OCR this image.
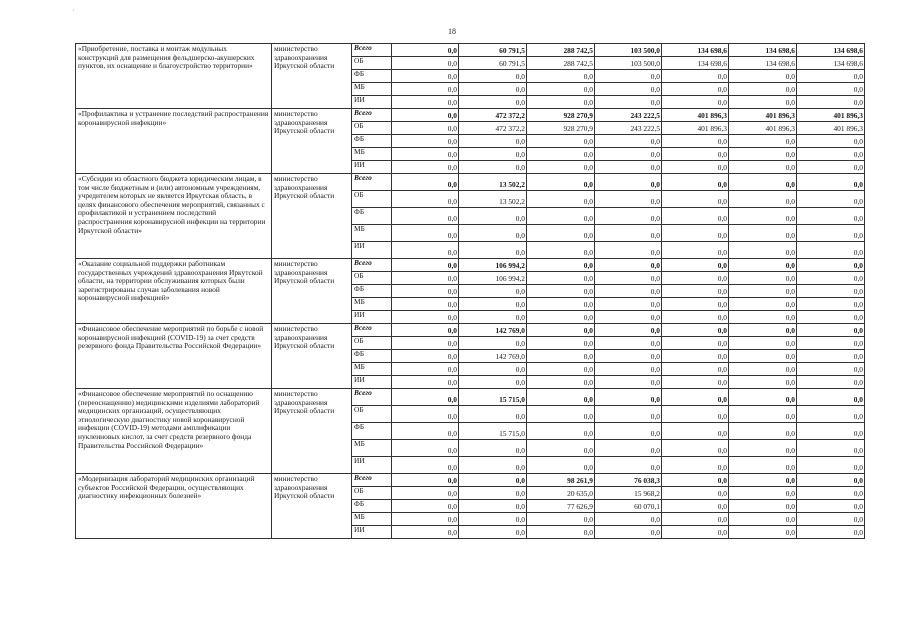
18
«Приобретение, поставка и монтаж модульных конструкций для размещения фельдшерско-акушерских пунктов, их оснащение и благоустройство территории»	министерство здравоохранения Иркутской области	Всего	0,0	60 791,5	288 742,5	103 500,0	134 698,6	134 698,6	134 698,6
		ОБ	0,0	60 791,5	288 742,5	103 500,0	134 698,6	134 698,6	134 698,6
		ФБ	0,0	0,0	0,0	0,0	0,0	0,0	0,0
		МБ	0,0	0,0	0,0	0,0	0,0	0,0	0,0
		ИИ	0,0	0,0	0,0	0,0	0,0	0,0	0,0
«Профилактика и устранение последствий распространения коронавирусной инфекции»	министерство здравоохранения Иркутской области	Всего	0,0	472 372,2	928 270,9	243 222,5	401 896,3	401 896,3	401 896,3
		ОБ	0,0	472 372,2	928 270,9	243 222,5	401 896,3	401 896,3	401 896,3
		ФБ	0,0	0,0	0,0	0,0	0,0	0,0	0,0
		МБ	0,0	0,0	0,0	0,0	0,0	0,0	0,0
		ИИ	0,0	0,0	0,0	0,0	0,0	0,0	0,0
«Субсидии из областного бюджета юридическим лицам, в том числе бюджетным и (или) автономным учреждениям, учредителем которых не является Иркутская область, в целях финансового обеспечения мероприятий, связанных с профилактикой и устранением последствий распространения коронавирусной инфекции на территории Иркутской области»	министерство здравоохранения Иркутской области	Всего	0,0	13 502,2	0,0	0,0	0,0	0,0	0,0
		ОБ	0,0	13 502,2	0,0	0,0	0,0	0,0	0,0
		ФБ	0,0	0,0	0,0	0,0	0,0	0,0	0,0
		МБ	0,0	0,0	0,0	0,0	0,0	0,0	0,0
		ИИ	0,0	0,0	0,0	0,0	0,0	0,0	0,0
«Оказание социальной поддержки работникам государственных учреждений здравоохранения Иркутской области, на территории обслуживания которых были зарегистрированы случаи заболевания новой коронавирусной инфекцией»	министерство здравоохранения Иркутской области	Всего	0,0	106 994,2	0,0	0,0	0,0	0,0	0,0
		ОБ	0,0	106 994,2	0,0	0,0	0,0	0,0	0,0
		ФБ	0,0	0,0	0,0	0,0	0,0	0,0	0,0
		МБ	0,0	0,0	0,0	0,0	0,0	0,0	0,0
		ИИ	0,0	0,0	0,0	0,0	0,0	0,0	0,0
«Финансовое обеспечение мероприятий по борьбе с новой коронавирусной инфекцией (COVID-19) за счет средств резервного фонда Правительства Российской Федерации»	министерство здравоохранения Иркутской области	Всего	0,0	142 769,0	0,0	0,0	0,0	0,0	0,0
		ОБ	0,0	0,0	0,0	0,0	0,0	0,0	0,0
		ФБ	0,0	142 769,0	0,0	0,0	0,0	0,0	0,0
		МБ	0,0	0,0	0,0	0,0	0,0	0,0	0,0
		ИИ	0,0	0,0	0,0	0,0	0,0	0,0	0,0
«Финансовое обеспечение мероприятий по оснащению (переоснащению) медицинскими изделиями лабораторий медицинских организаций, осуществляющих этиологическую диагностику новой коронавирусной инфекции (COVID-19) методами амплификации нуклеиновых кислот, за счет средств резервного фонда Правительства Российской Федерации»	министерство здравоохранения Иркутской области	Всего	0,0	15 715,0	0,0	0,0	0,0	0,0	0,0
		ОБ	0,0	0,0	0,0	0,0	0,0	0,0	0,0
		ФБ	0,0	15 715,0	0,0	0,0	0,0	0,0	0,0
		МБ	0,0	0,0	0,0	0,0	0,0	0,0	0,0
		ИИ	0,0	0,0	0,0	0,0	0,0	0,0	0,0
«Модернизация лабораторий медицинских организаций субъектов Российской Федерации, осуществляющих диагностику инфекционных болезней»	министерство здравоохранения Иркутской области	Всего	0,0	0,0	98 261,9	76 038,3	0,0	0,0	0,0
		ОБ	0,0	0,0	20 635,0	15 968,2	0,0	0,0	0,0
		ФБ	0,0	0,0	77 626,9	60 070,1	0,0	0,0	0,0
		МБ	0,0	0,0	0,0	0,0	0,0	0,0	0,0
		ИИ	0,0	0,0	0,0	0,0	0,0	0,0	0,0
·
